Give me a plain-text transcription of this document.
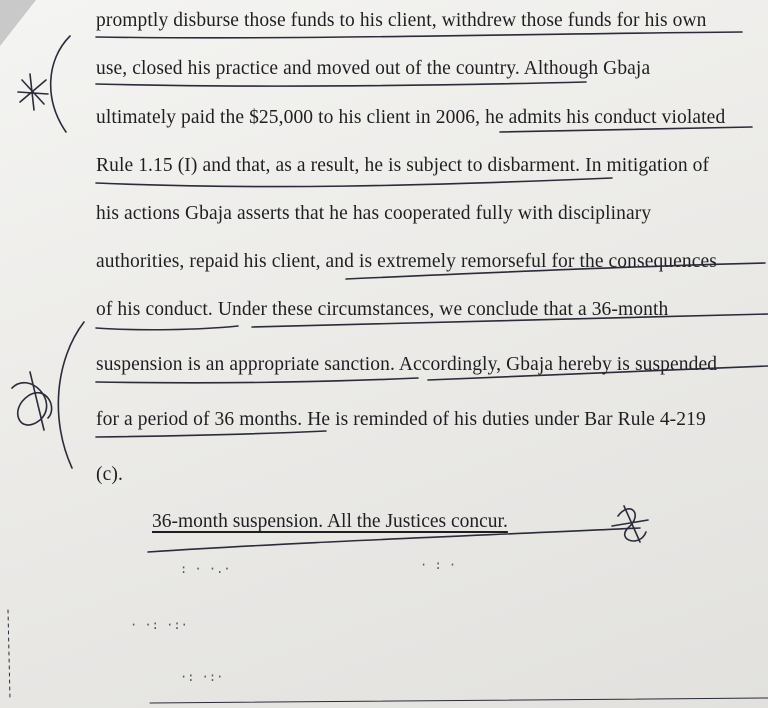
promptly disburse those funds to his client, withdrew those funds for his own
use, closed his practice and moved out of the country. Although Gbaja
ultimately paid the $25,000 to his client in 2006, he admits his conduct violated
Rule 1.15 (I) and that, as a result, he is subject to disbarment. In mitigation of
his actions Gbaja asserts that he has cooperated fully with disciplinary
authorities, repaid his client, and is extremely remorseful for the consequences
of his conduct. Under these circumstances, we conclude that a 36-month
suspension is an appropriate sanction. Accordingly, Gbaja hereby is suspended
for a period of 36 months. He is reminded of his duties under Bar Rule 4-219
(c).
36-month suspension. All the Justices concur.
: · ·.·	· : ·
· ·: ·:·
·: ·:·
